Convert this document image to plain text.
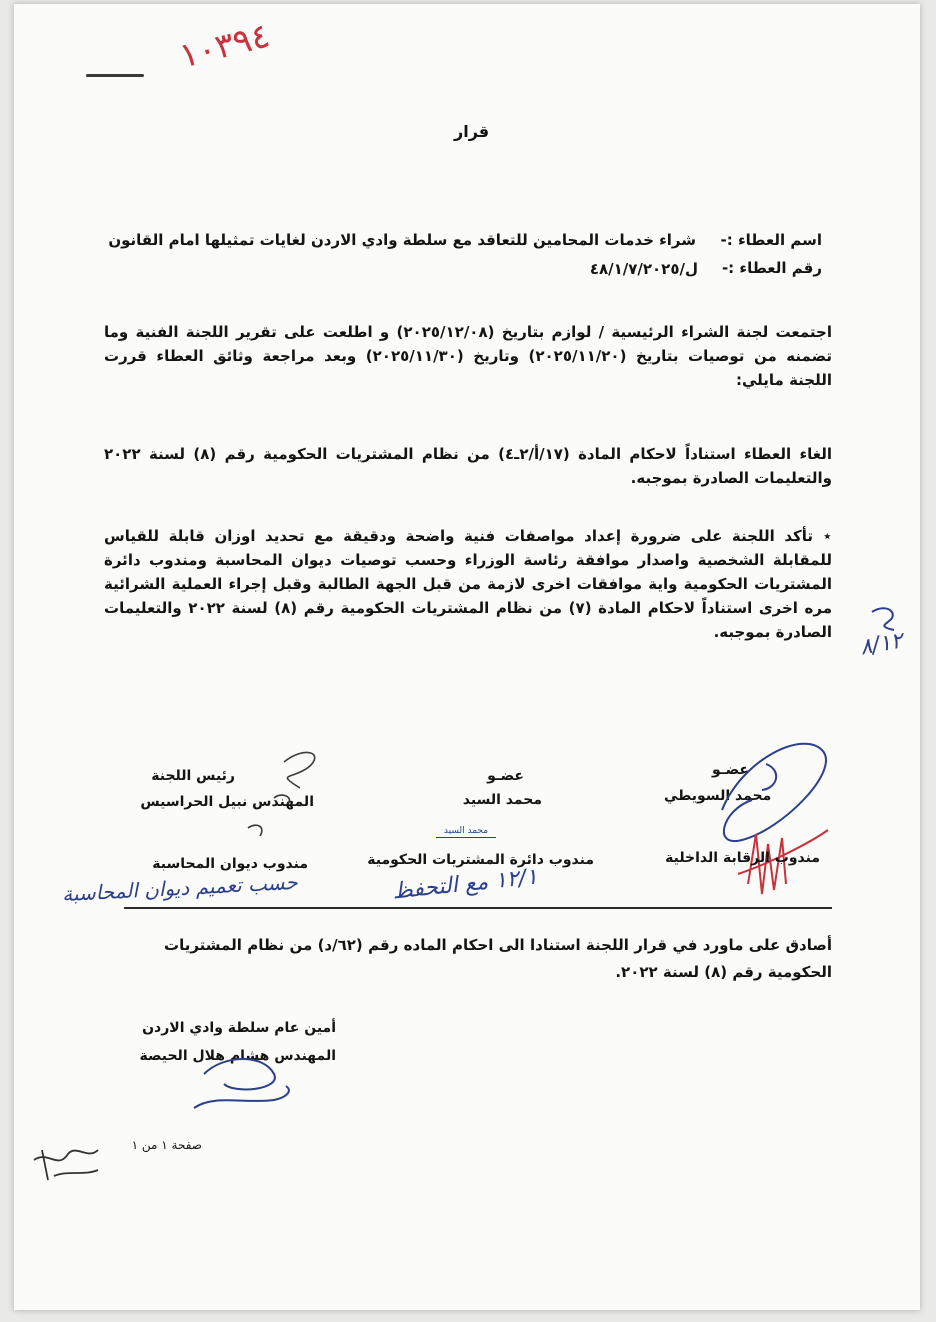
١٠٣٩٤
قرار
اسم العطاء :-
شراء خدمات المحامين للتعاقد مع سلطة وادي الاردن لغايات تمثيلها امام القانون
رقم العطاء :-
ل/٤٨/١/٧/٢٠٢٥
اجتمعت لجنة الشراء الرئيسية / لوازم بتاريخ (٢٠٢٥/١٢/٠٨) و اطلعت على تقرير اللجنة الفنية وما تضمنه من توصيات بتاريخ (٢٠٢٥/١١/٢٠) وتاريخ (٢٠٢٥/١١/٣٠) وبعد مراجعة وثائق العطاء قررت اللجنة مايلي:
الغاء العطاء استناداً لاحكام المادة (١٧/أ/٢ـ٤) من نظام المشتريات الحكومية رقم (٨) لسنة ٢٠٢٢ والتعليمات الصادرة بموجبه.
⋆ تأكد اللجنة على ضرورة إعداد مواصفات فنية واضحة ودقيقة مع تحديد اوزان قابلة للقياس للمقابلة الشخصية واصدار موافقة رئاسة الوزراء وحسب توصيات ديوان المحاسبة ومندوب دائرة المشتريات الحكومية واية موافقات اخرى لازمة من قبل الجهة الطالبة وقبل إجراء العملية الشرائية مره اخرى استناداً لاحكام المادة (٧) من نظام المشتريات الحكومية رقم (٨) لسنة ٢٠٢٢ والتعليمات الصادرة بموجبه. ٨/١٢
رئيس اللجنة
المهندس نبيل الحراسيس
عضـو
محمد السيد
محمد السيد
عضـو
محمد السويطي
مندوب ديوان المحاسبة	مندوب دائرة المشتريات الحكومية	مندوب الرقابة الداخلية
حسب تعميم ديوان المحاسبة	١٢/١ مع التحفظ
أصادق على ماورد في قرار اللجنة استنادا الى احكام الماده رقم (٦٢/د) من نظام المشتريات الحكومية رقم (٨) لسنة ٢٠٢٢.
أمين عام سلطة وادي الاردن
المهندس هشام هلال الحيصة
صفحة ١ من ١
